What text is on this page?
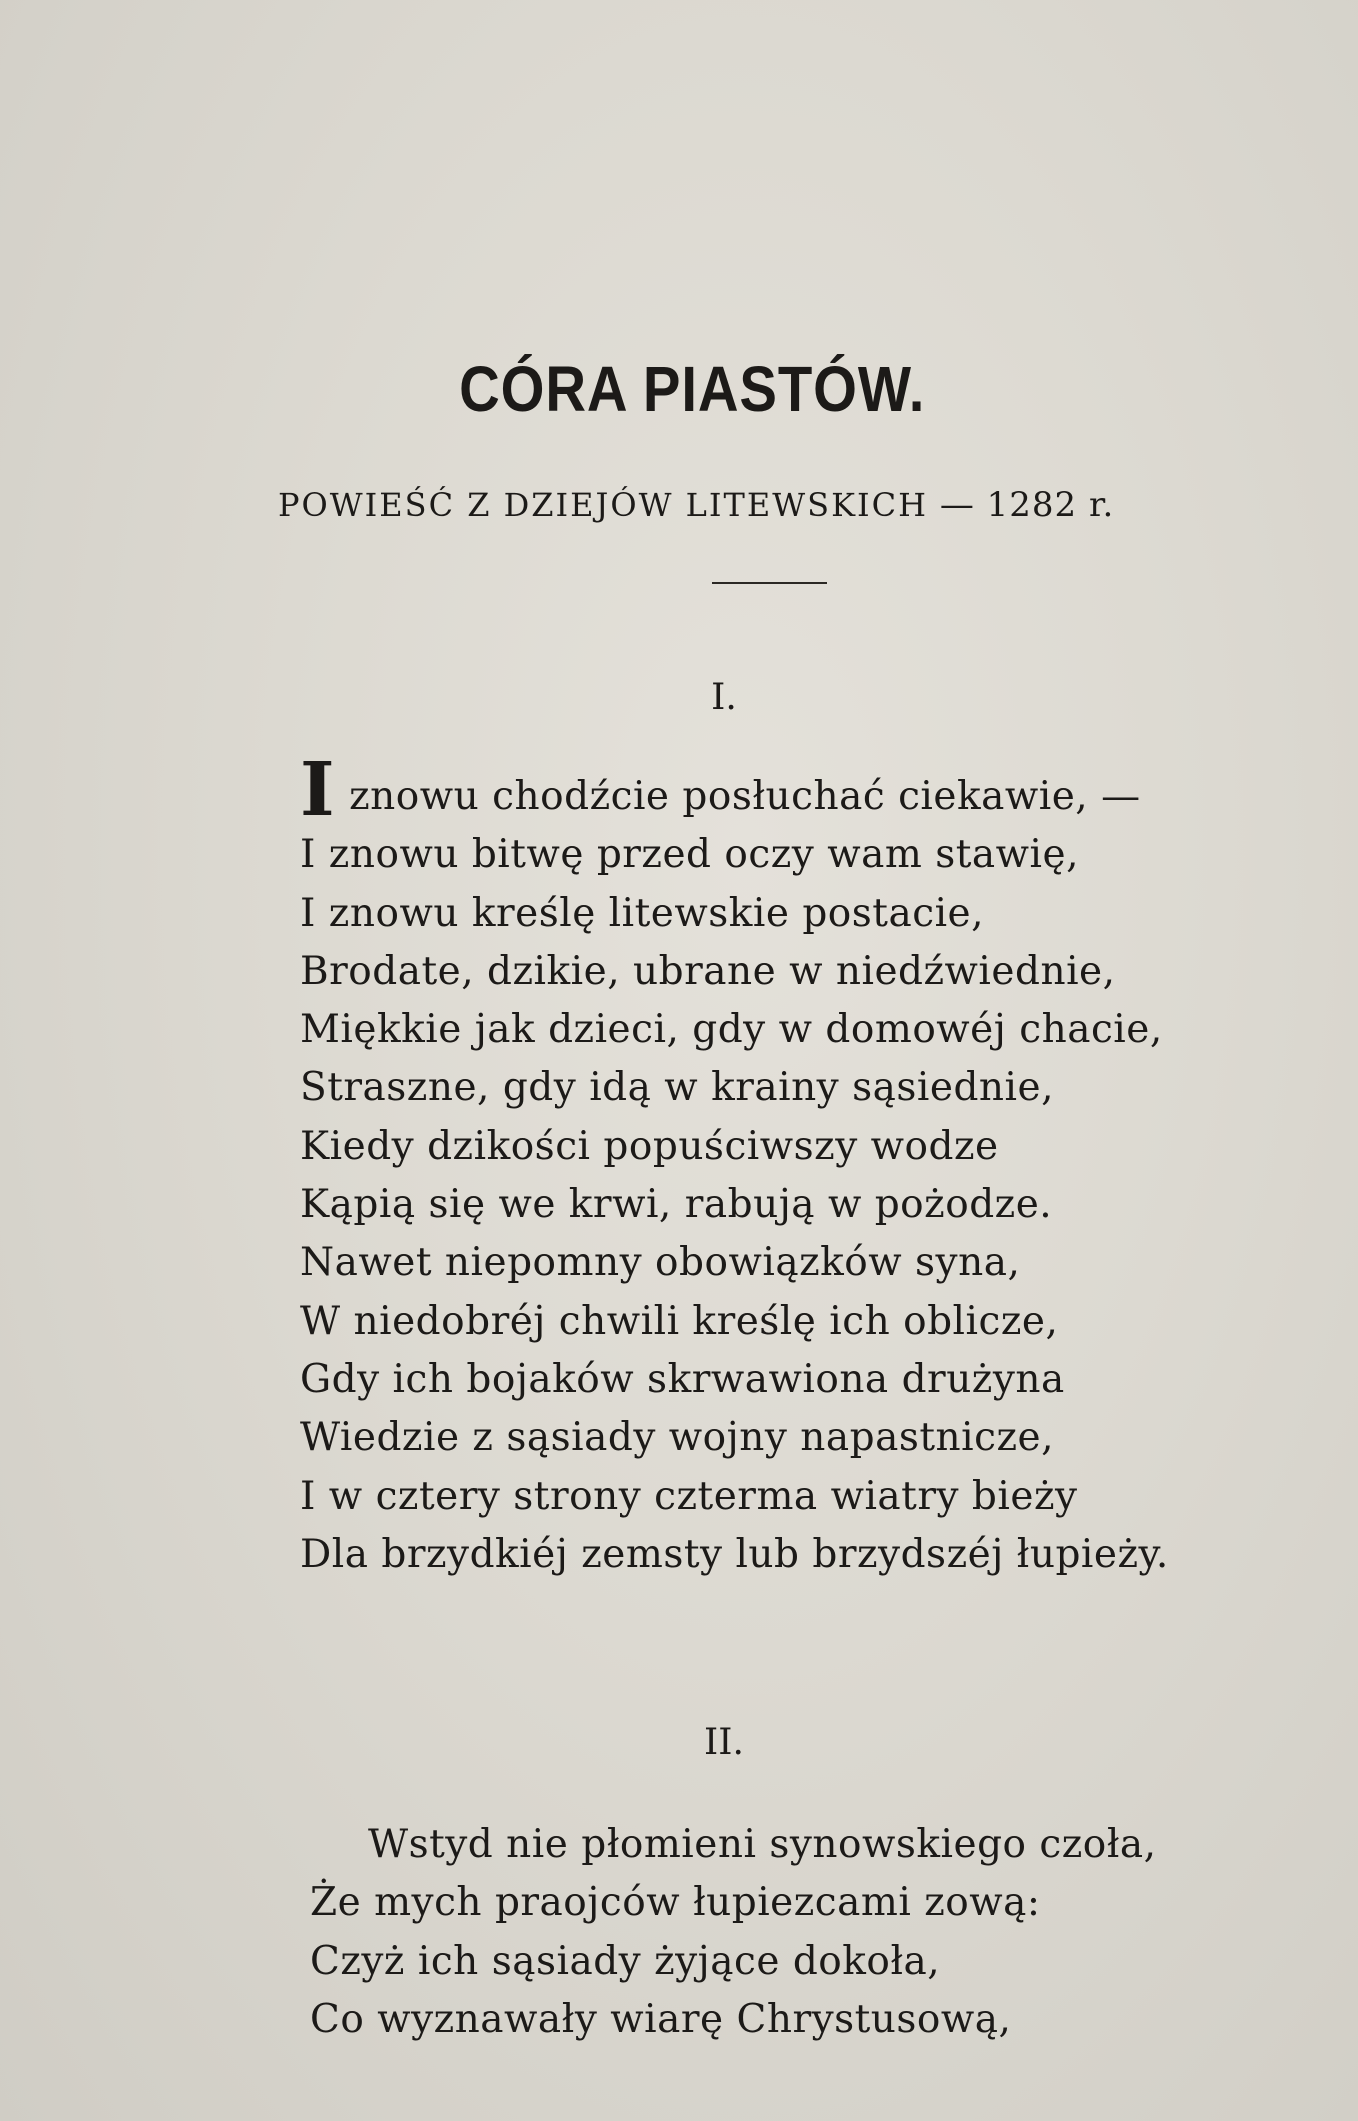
CÓRA PIASTÓW.
POWIEŚĆ Z DZIEJÓW LITEWSKICH — 1282 r.
I.
Iznowu chodźcie posłuchać ciekawie, —
I znowu bitwę przed oczy wam stawię,
I znowu kreślę litewskie postacie,
Brodate, dzikie, ubrane w niedźwiednie,
Miękkie jak dzieci, gdy w domowéj chacie,
Straszne, gdy idą w krainy sąsiednie,
Kiedy dzikości popuściwszy wodze
Kąpią się we krwi, rabują w pożodze.
Nawet niepomny obowiązków syna,
W niedobréj chwili kreślę ich oblicze,
Gdy ich bojaków skrwawiona drużyna
Wiedzie z sąsiady wojny napastnicze,
I w cztery strony czterma wiatry bieży
Dla brzydkiéj zemsty lub brzydszéj łupieży.
II.
Wstyd nie płomieni synowskiego czoła,
Że mych praojców łupiezcami zową:
Czyż ich sąsiady żyjące dokoła,
Co wyznawały wiarę Chrystusową,
